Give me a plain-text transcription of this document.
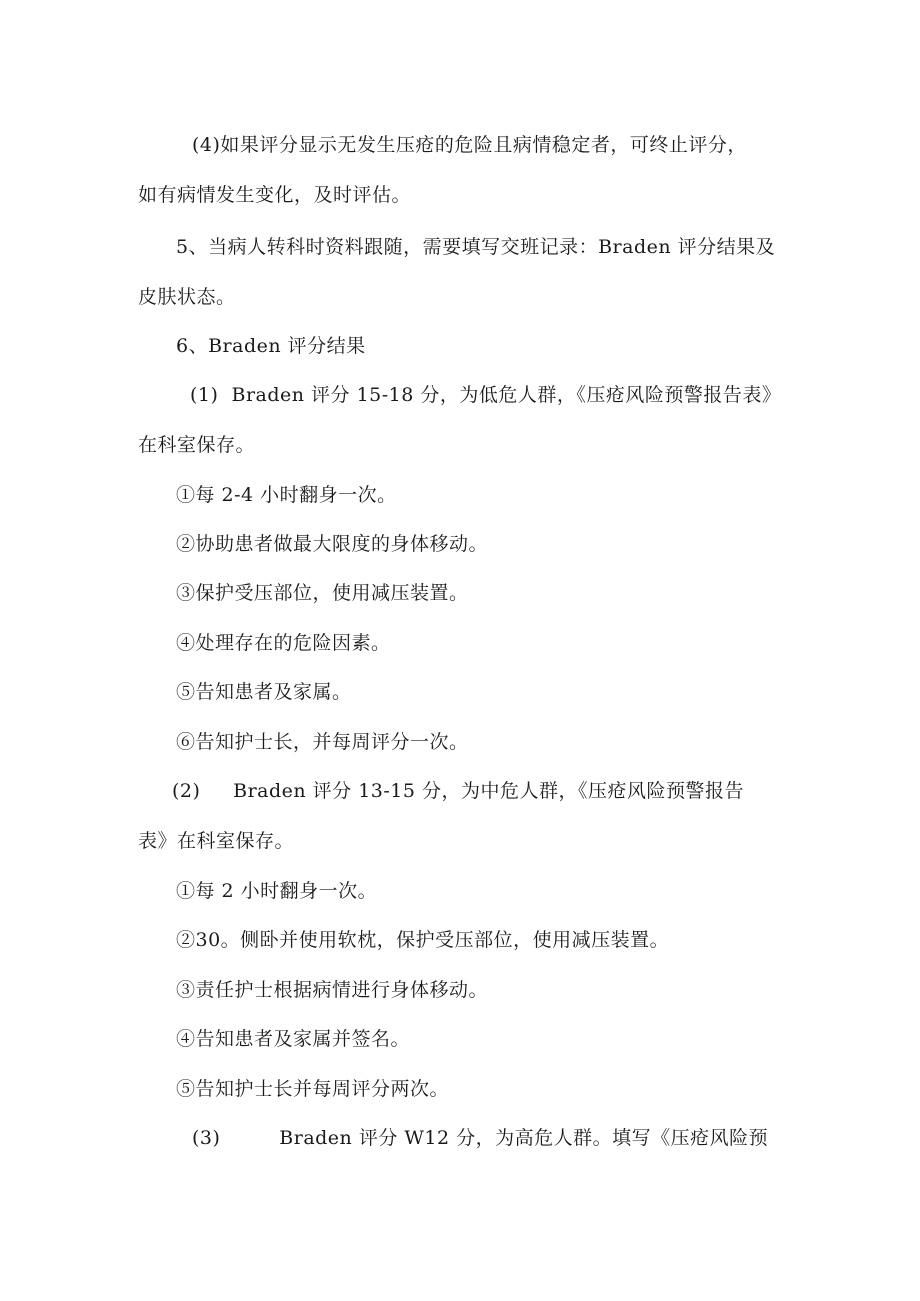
(4)如果评分显示无发生压疮的危险且病情稳定者，可终止评分，
如有病情发生变化，及时评估。
5、当病人转科时资料跟随，需要填写交班记录：Braden 评分结果及
皮肤状态。
6、Braden 评分结果
(1)  Braden 评分 15-18 分，为低危人群，《压疮风险预警报告表》
在科室保存。
①每 2-4 小时翻身一次。
②协助患者做最大限度的身体移动。
③保护受压部位，使用减压装置。
④处理存在的危险因素。
⑤告知患者及家属。
⑥告知护士长，并每周评分一次。
(2)     Braden 评分 13-15 分，为中危人群，《压疮风险预警报告
表》在科室保存。
①每 2 小时翻身一次。
②30。侧卧并使用软枕，保护受压部位，使用减压装置。
③责任护士根据病情进行身体移动。
④告知患者及家属并签名。
⑤告知护士长并每周评分两次。
(3)         Braden 评分 W12 分，为高危人群。填写《压疮风险预
